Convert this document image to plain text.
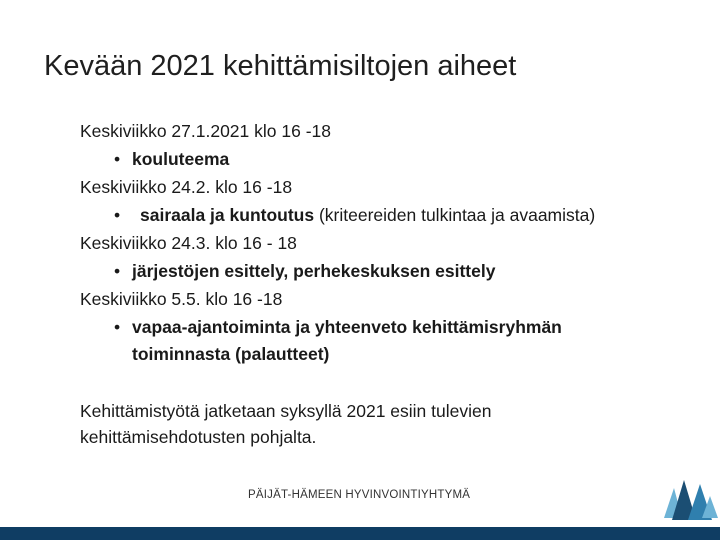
Kevään 2021 kehittämisiltojen aiheet
Keskiviikko 27.1.2021 klo 16 -18
• kouluteema
Keskiviikko 24.2. klo 16 -18
• sairaala ja kuntoutus (kriteereiden tulkintaa ja avaamista)
Keskiviikko 24.3. klo 16 - 18
• järjestöjen esittely, perhekeskuksen esittely
Keskiviikko 5.5. klo 16 -18
• vapaa-ajantoiminta ja yhteenveto kehittämisryhmän toiminnasta (palautteet)
Kehittämistyötä jatketaan syksyllä 2021 esiin tulevien kehittämisehdotusten pohjalta.
PÄIJÄT-HÄMEEN HYVINVOINTIYHTYMÄ
